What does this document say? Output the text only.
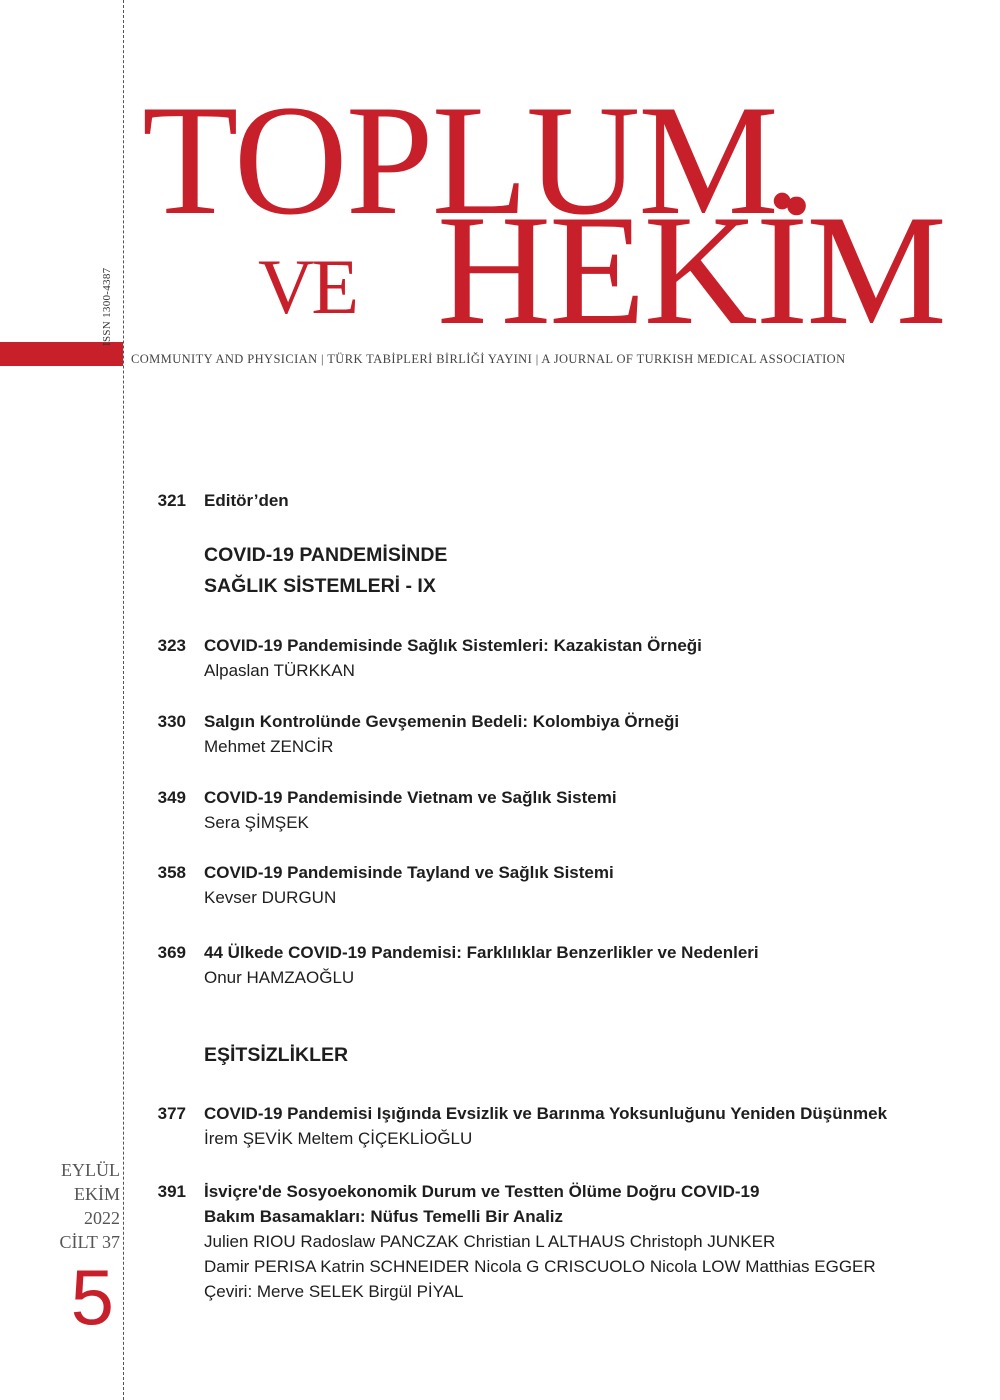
ISSN 1300-4387
TOPLUM.
VE HEKİM
COMMUNITY AND PHYSICIAN | TÜRK TABİPLERİ BİRLİĞİ YAYINI | A JOURNAL OF TURKISH MEDICAL ASSOCIATION
EYLÜL
EKİM
2022
CİLT 37
5
321 Editör’den
COVID-19 PANDEMİSİNDE
SAĞLIK SİSTEMLERİ - IX
323 COVID-19 Pandemisinde Sağlık Sistemleri: Kazakistan Örneği
Alpaslan TÜRKKAN
330 Salgın Kontrolünde Gevşemenin Bedeli: Kolombiya Örneği
Mehmet ZENCİR
349 COVID-19 Pandemisinde Vietnam ve Sağlık Sistemi
Sera ŞİMŞEK
358 COVID-19 Pandemisinde Tayland ve Sağlık Sistemi
Kevser DURGUN
369 44 Ülkede COVID-19 Pandemisi: Farklılıklar Benzerlikler ve Nedenleri
Onur HAMZAOĞLU
EŞİTSİZLİKLER
377 COVID-19 Pandemisi Işığında Evsizlik ve Barınma Yoksunluğunu Yeniden Düşünmek
İrem ŞEVİK Meltem ÇİÇEKLİOĞLU
391 İsviçre'de Sosyoekonomik Durum ve Testten Ölüme Doğru COVID-19
Bakım Basamakları: Nüfus Temelli Bir Analiz
Julien RIOU Radoslaw PANCZAK Christian L ALTHAUS Christoph JUNKER
Damir PERISA Katrin SCHNEIDER Nicola G CRISCUOLO Nicola LOW Matthias EGGER
Çeviri: Merve SELEK Birgül PİYAL
